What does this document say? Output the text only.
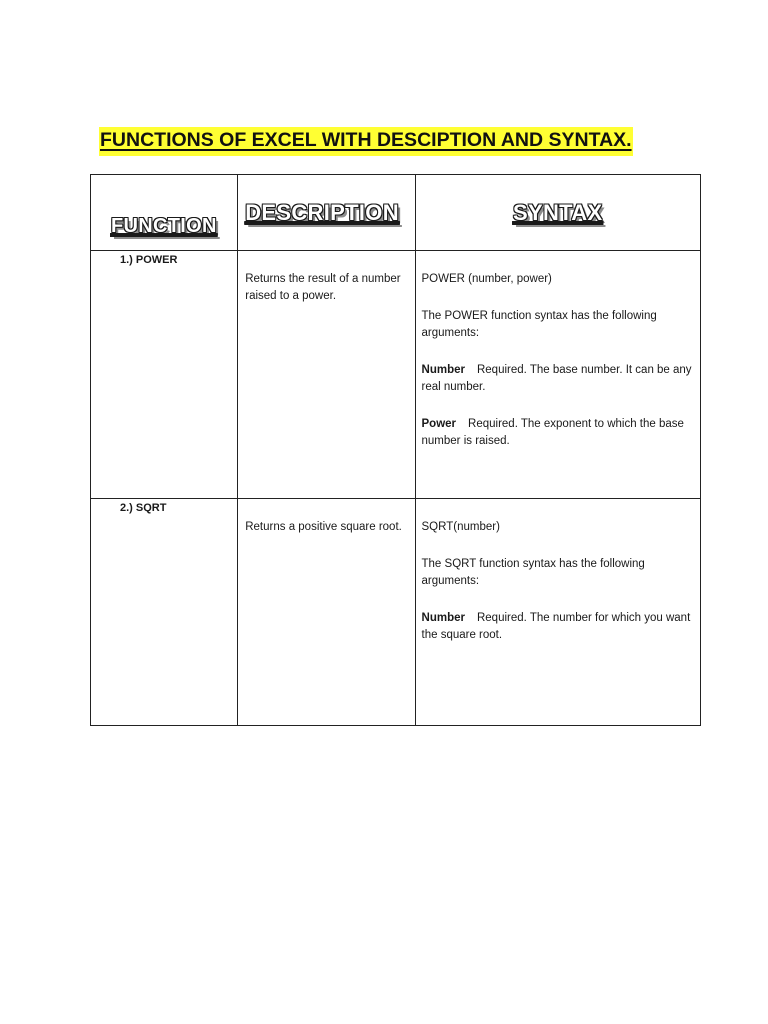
FUNCTIONS OF EXCEL WITH DESCIPTION AND SYNTAX.
FUNCTION	DESCRIPTION	SYNTAX

1.) POWER	Returns the result of a number raised to a power.	POWER (number, power)
The POWER function syntax has the following arguments:
Number Required. The base number. It can be any real number.
Power Required. The exponent to which the base number is raised.

2.) SQRT	Returns a positive square root.	SQRT(number)
The SQRT function syntax has the following arguments:
Number Required. The number for which you want the square root.
